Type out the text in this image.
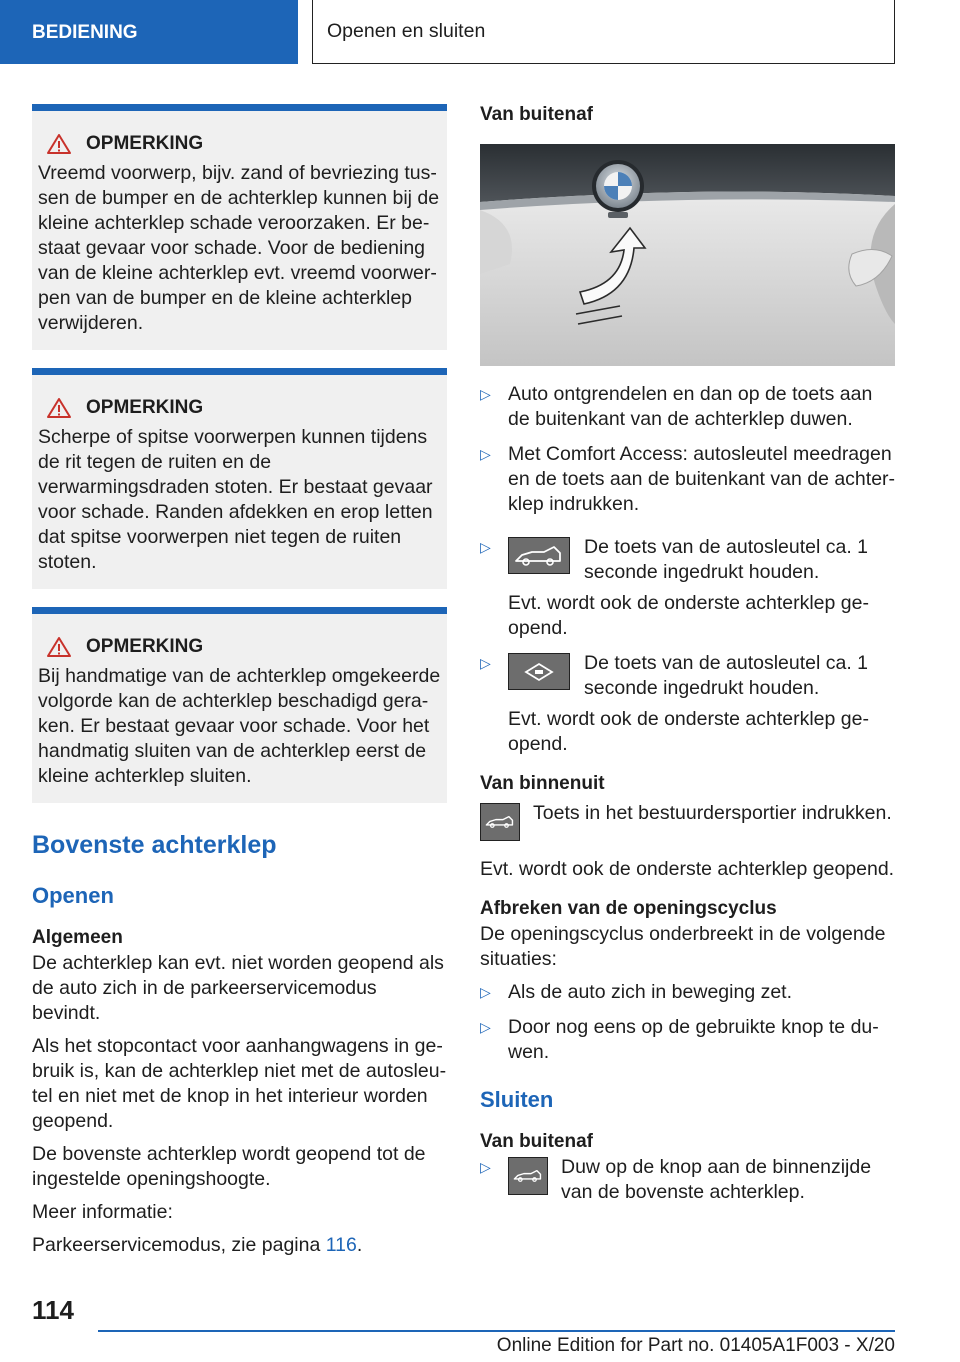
BEDIENING	Openen en sluiten
OPMERKING

Vreemd voorwerp, bijv. zand of bevriezing tussen de bumper en de achterklep kunnen bij de kleine achterklep schade veroorzaken. Er bestaat gevaar voor schade. Voor de bediening van de kleine achterklep evt. vreemd voorwerpen van de bumper en de kleine achterklep verwijderen.

OPMERKING

Scherpe of spitse voorwerpen kunnen tijdens de rit tegen de ruiten en de verwarmingsdraden stoten. Er bestaat gevaar voor schade. Randen afdekken en erop letten dat spitse voorwerpen niet tegen de ruiten stoten.

OPMERKING

Bij handmatige van de achterklep omgekeerde volgorde kan de achterklep beschadigd geraken. Er bestaat gevaar voor schade. Voor het handmatig sluiten van de achterklep eerst de kleine achterklep sluiten.

Bovenste achterklep
Openen
Algemeen

De achterklep kan evt. niet worden geopend als de auto zich in de parkeerservicemodus bevindt.

Als het stopcontact voor aanhangwagens in gebruik is, kan de achterklep niet met de autosleutel en niet met de knop in het interieur worden geopend.

De bovenste achterklep wordt geopend tot de ingestelde openingshoogte.

Meer informatie:

Parkeerservicemodus, zie pagina 116.

Van buitenaf
▷ Auto ontgrendelen en dan op de toets aan de buitenkant van de achterklep duwen.
▷ Met Comfort Access: autosleutel meedragen en de toets aan de buitenkant van de achterklep indrukken.
▷	De toets van de autosleutel ca. 1 seconde ingedrukt houden.
Evt. wordt ook de onderste achterklep geopend.
▷	De toets van de autosleutel ca. 1 seconde ingedrukt houden.
Evt. wordt ook de onderste achterklep geopend.
Van binnenuit
Toets in het bestuurdersportier indrukken.

Evt. wordt ook de onderste achterklep geopend.

Afbreken van de openingscyclus

De openingscyclus onderbreekt in de volgende situaties:

▷ Als de auto zich in beweging zet.
▷ Door nog eens op de gebruikte knop te duwen.
Sluiten
Van buitenaf
▷	Duw op de knop aan de binnenzijde van de bovenste achterklep.
114
Online Edition for Part no. 01405A1F003 - X/20
